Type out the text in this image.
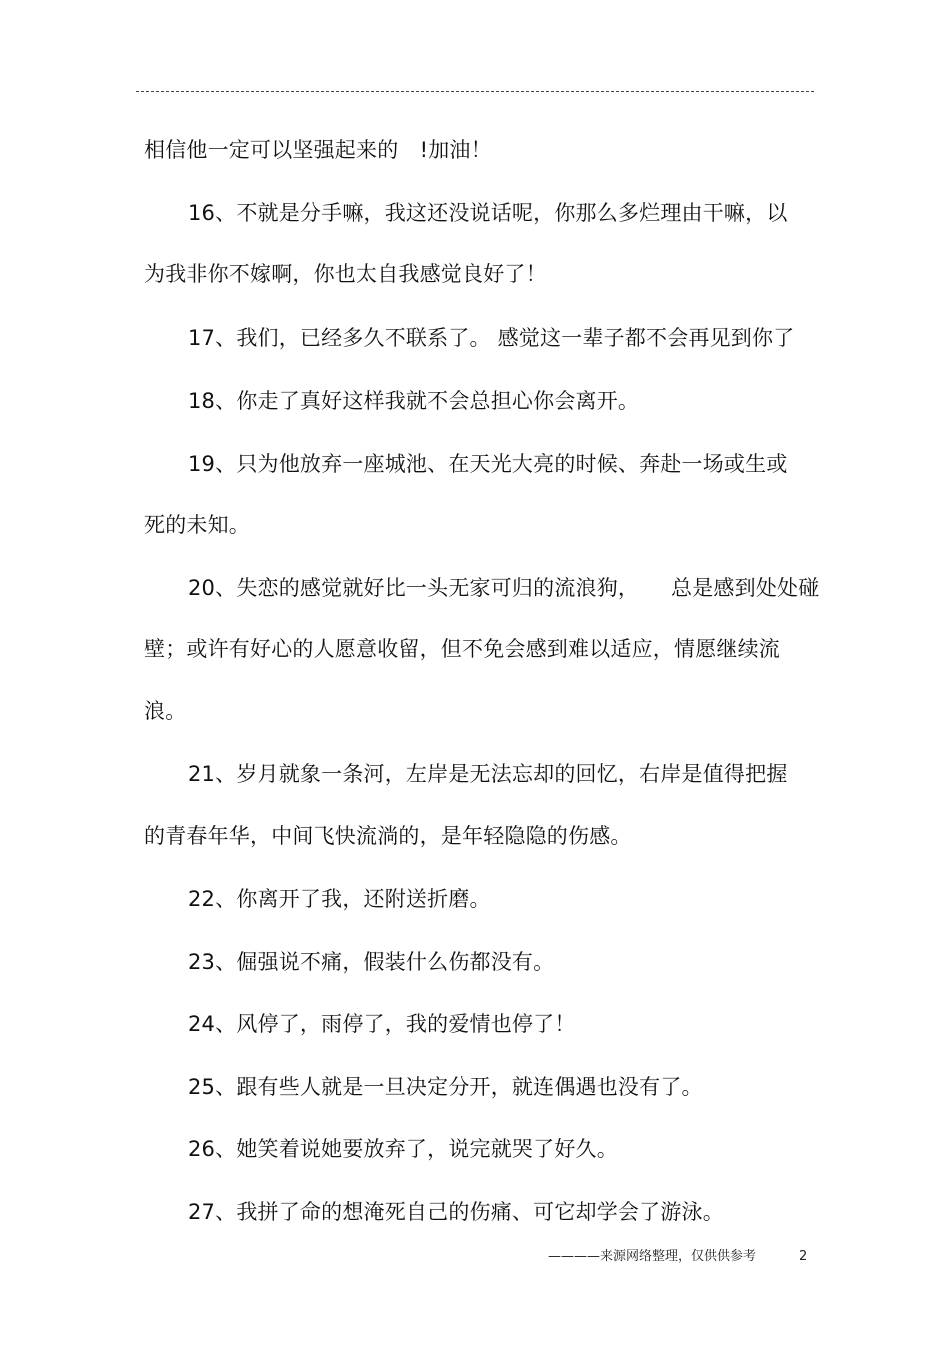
相信他一定可以坚强起来的　!加油！
16、不就是分手嘛，我这还没说话呢，你那么多烂理由干嘛，以
为我非你不嫁啊，你也太自我感觉良好了！
17、我们，已经多久不联系了。 感觉这一辈子都不会再见到你了
18、你走了真好这样我就不会总担心你会离开。
19、只为他放弃一座城池、在天光大亮的时候、奔赴一场或生或
死的未知。
20、失恋的感觉就好比一头无家可归的流浪狗，　　总是感到处处碰
壁；或许有好心的人愿意收留，但不免会感到难以适应，情愿继续流
浪。
21、岁月就象一条河，左岸是无法忘却的回忆，右岸是值得把握
的青春年华，中间飞快流淌的，是年轻隐隐的伤感。
22、你离开了我，还附送折磨。
23、倔强说不痛，假装什么伤都没有。
24、风停了，雨停了，我的爱情也停了！
25、跟有些人就是一旦决定分开，就连偶遇也没有了。
26、她笑着说她要放弃了，说完就哭了好久。
27、我拼了命的想淹死自己的伤痛、可它却学会了游泳。
————来源网络整理，仅供供参考	2
